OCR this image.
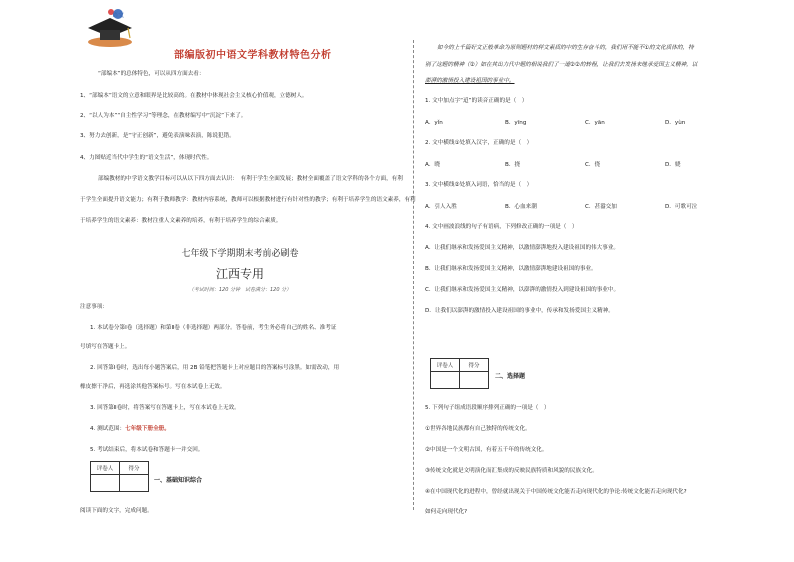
语文
部编版初中语文学科教材特色分析
“部编本”的总体特色，可以从四方面去看：
1、“部编本”语文的立意和眼界是比较高的。在教材中体现社会主义核心价值观，立德树人。
2、“以人为本”“自主性学习”等理念，在教材编写中“沉淀”下来了。
3、努力去创新，是“守正创新”，避免表演味表演，陈说犯错。
4、力图贴近当代中学生的“语文生活”，体现时代性。
部编教材的中学语文教学目标可以从以下四方面去认识：　有利于学生全面发展；教材全面覆盖了语文学科的各个方面，有利
于学生全面提升语文能力；有利于教师教学：教材内容系统，教师可以根据教材进行有针对性的教学；有利于培养学生的语文素养，有利
于培养学生的语文素养：教材注重人文素养的培养，有利于培养学生的综合素质。
七年级下学期期末考前必刷卷
江西专用
（考试时间：120 分钟　试卷满分：120 分）
注意事项：
1. 本试卷分第Ⅰ卷（选择题）和第Ⅱ卷（非选择题）两部分。答卷前，考生务必将自己的姓名、准考证
号填写在答题卡上。
2. 回答第Ⅰ卷时，选出每小题答案后，用 2B 铅笔把答题卡上对应题目的答案标号涂黑。如需改动，用
橡皮擦干净后，再选涂其他答案标号。写在本试卷上无效。
3. 回答第Ⅱ卷时，将答案写在答题卡上，写在本试卷上无效。
4. 测试范围：七年级下册全册。
5. 考试结束后，将本试卷和答题卡一并交回。
评卷人	得分

一、基础知识综合
阅读下面的文字，完成问题。
如今的上千篇好文正般革命为原则题材的样文素质的中的生存奋斗的，我们用不能不①的文化质体的，特
别了这题的精神（②）如在其出力代中题的相说我们了一道②②的转程，让我们去发扬来继承爱国主义精神，以
澎湃的激情投入建设祖国的事业中。
1. 文中加点字“迢”的读音正确的是（　）
A．yǐn	B．yīng	C．yān	D．yùn
2. 文中横线①处填入汉字，正确的是（　）
A．晓	B．挠	C．侥	D．娆
3. 文中横线②处填入词语，恰当的是（　）
A．引人入胜	B．心血来潮	C．甚嚣交加	D．可歌可泣
4. 文中画波浪线的句子有语病，下列修改正确的一项是（　）
A．让我们继承和发扬爱国主义精神，以激情澎湃地投入建设祖国的伟大事业。
B．让我们继承和发扬爱国主义精神，以激情澎湃地建设祖国的事业。
C．让我们继承和发扬爱国主义精神，以澎湃的激情投入到建设祖国的事业中。
D．让我们以澎湃的激情投入建设祖国的事业中，传承和发扬爱国主义精神。
评卷人	得分

二、选择题
5. 下列句子组成语段顺序排列正确的一项是（　）
①世界各地民族都有自己独特的传统文化。
②中国是一个文明古国，有着五千年的传统文化。
③传统文化就是文明演化而汇集成的反映民族特质和风貌的民族文化。
④在中国现代化的进程中，曾经就出现关于中国传统文化能否走向现代化的争论:传统文化能否走向现代化?
如何走向现代化?
